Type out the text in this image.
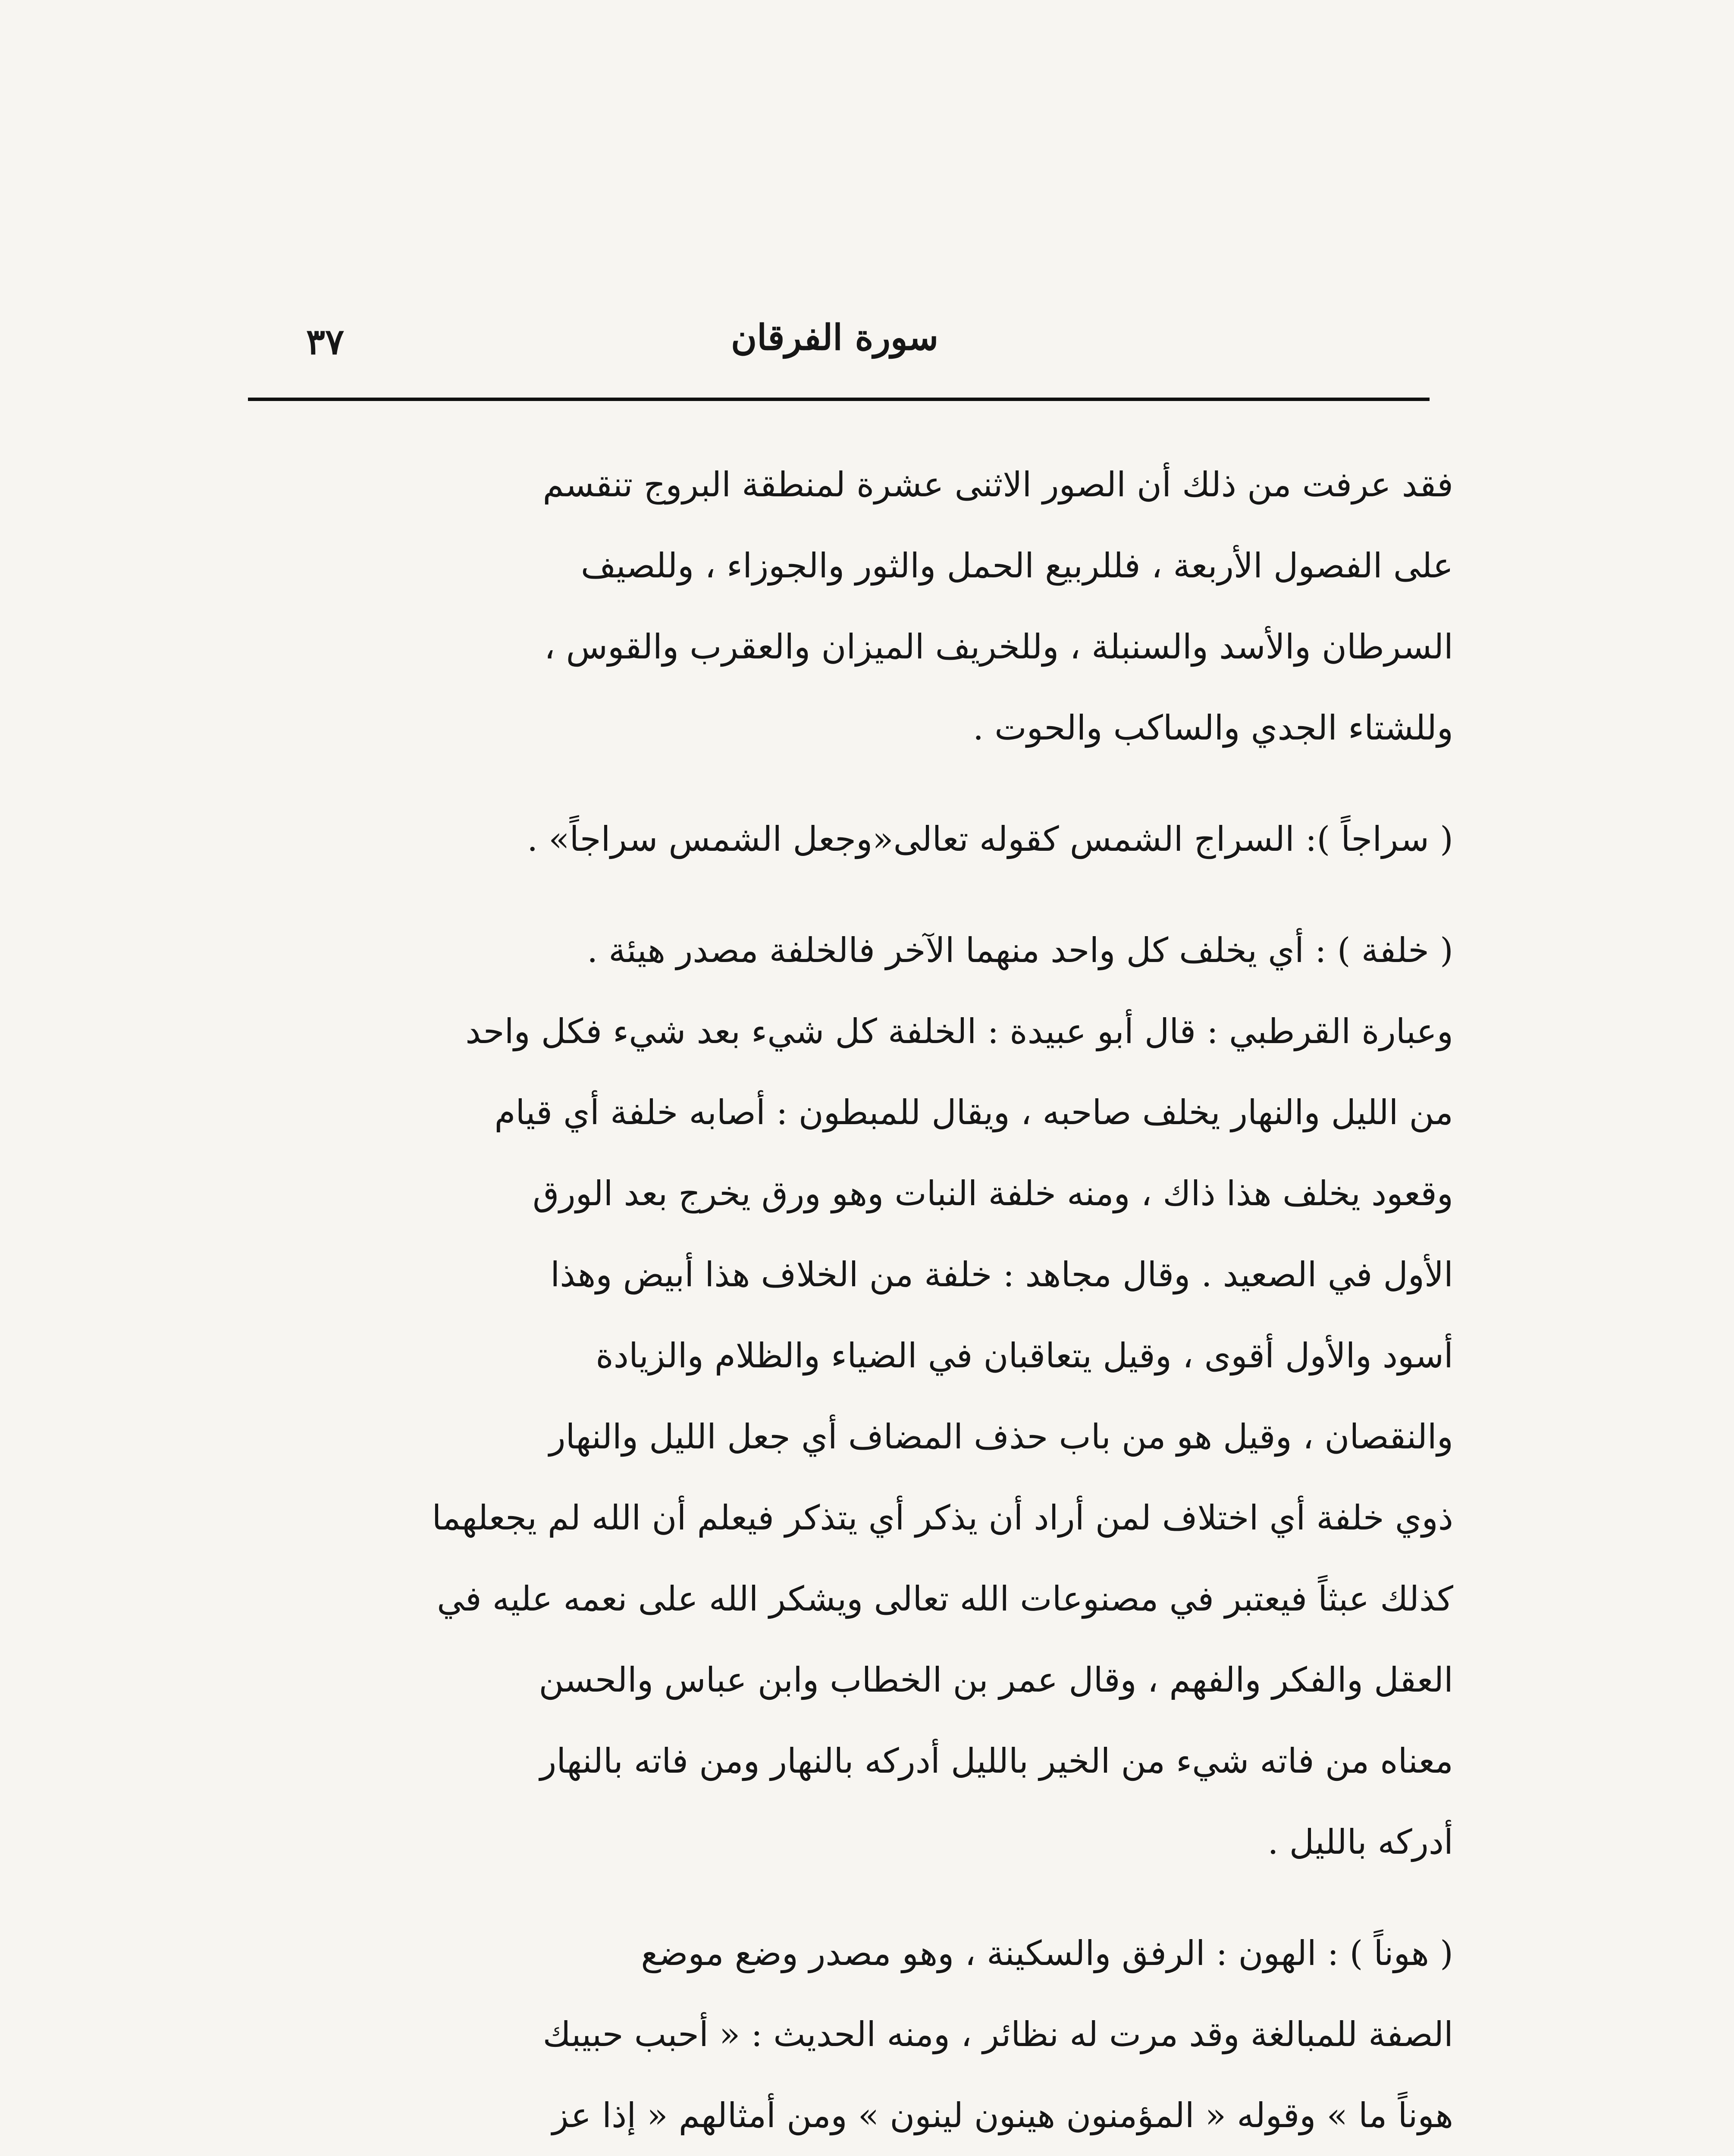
٣٧	سورة الفرقان
فقد عرفت من ذلك أن الصور الاثنى عشرة لمنطقة البروج تنقسم
على الفصول الأربعة ، فللربيع الحمل والثور والجوزاء ، وللصيف
السرطان والأسد والسنبلة ، وللخريف الميزان والعقرب والقوس ،
وللشتاء الجدي والساكب والحوت .
( سراجاً ): السراج الشمس كقوله تعالى«وجعل الشمس سراجاً» .
( خلفة ) : أي يخلف كل واحد منهما الآخر فالخلفة مصدر هيئة .
وعبارة القرطبي : قال أبو عبيدة : الخلفة كل شيء بعد شيء فكل واحد
من الليل والنهار يخلف صاحبه ، ويقال للمبطون : أصابه خلفة أي قيام
وقعود يخلف هذا ذاك ، ومنه خلفة النبات وهو ورق يخرج بعد الورق
الأول في الصعيد . وقال مجاهد : خلفة من الخلاف هذا أبيض وهذا
أسود والأول أقوى ، وقيل يتعاقبان في الضياء والظلام والزيادة
والنقصان ، وقيل هو من باب حذف المضاف أي جعل الليل والنهار
ذوي خلفة أي اختلاف لمن أراد أن يذكر أي يتذكر فيعلم أن الله لم يجعلهما
كذلك عبثاً فيعتبر في مصنوعات الله تعالى ويشكر الله على نعمه عليه في
العقل والفكر والفهم ، وقال عمر بن الخطاب وابن عباس والحسن
معناه من فاته شيء من الخير بالليل أدركه بالنهار ومن فاته بالنهار
أدركه بالليل .
( هوناً ) : الهون : الرفق والسكينة ، وهو مصدر وضع موضع
الصفة للمبالغة وقد مرت له نظائر ، ومنه الحديث : « أحبب حبيبك
هوناً ما » وقوله « المؤمنون هينون لينون » ومن أمثالهم « إذا عز
